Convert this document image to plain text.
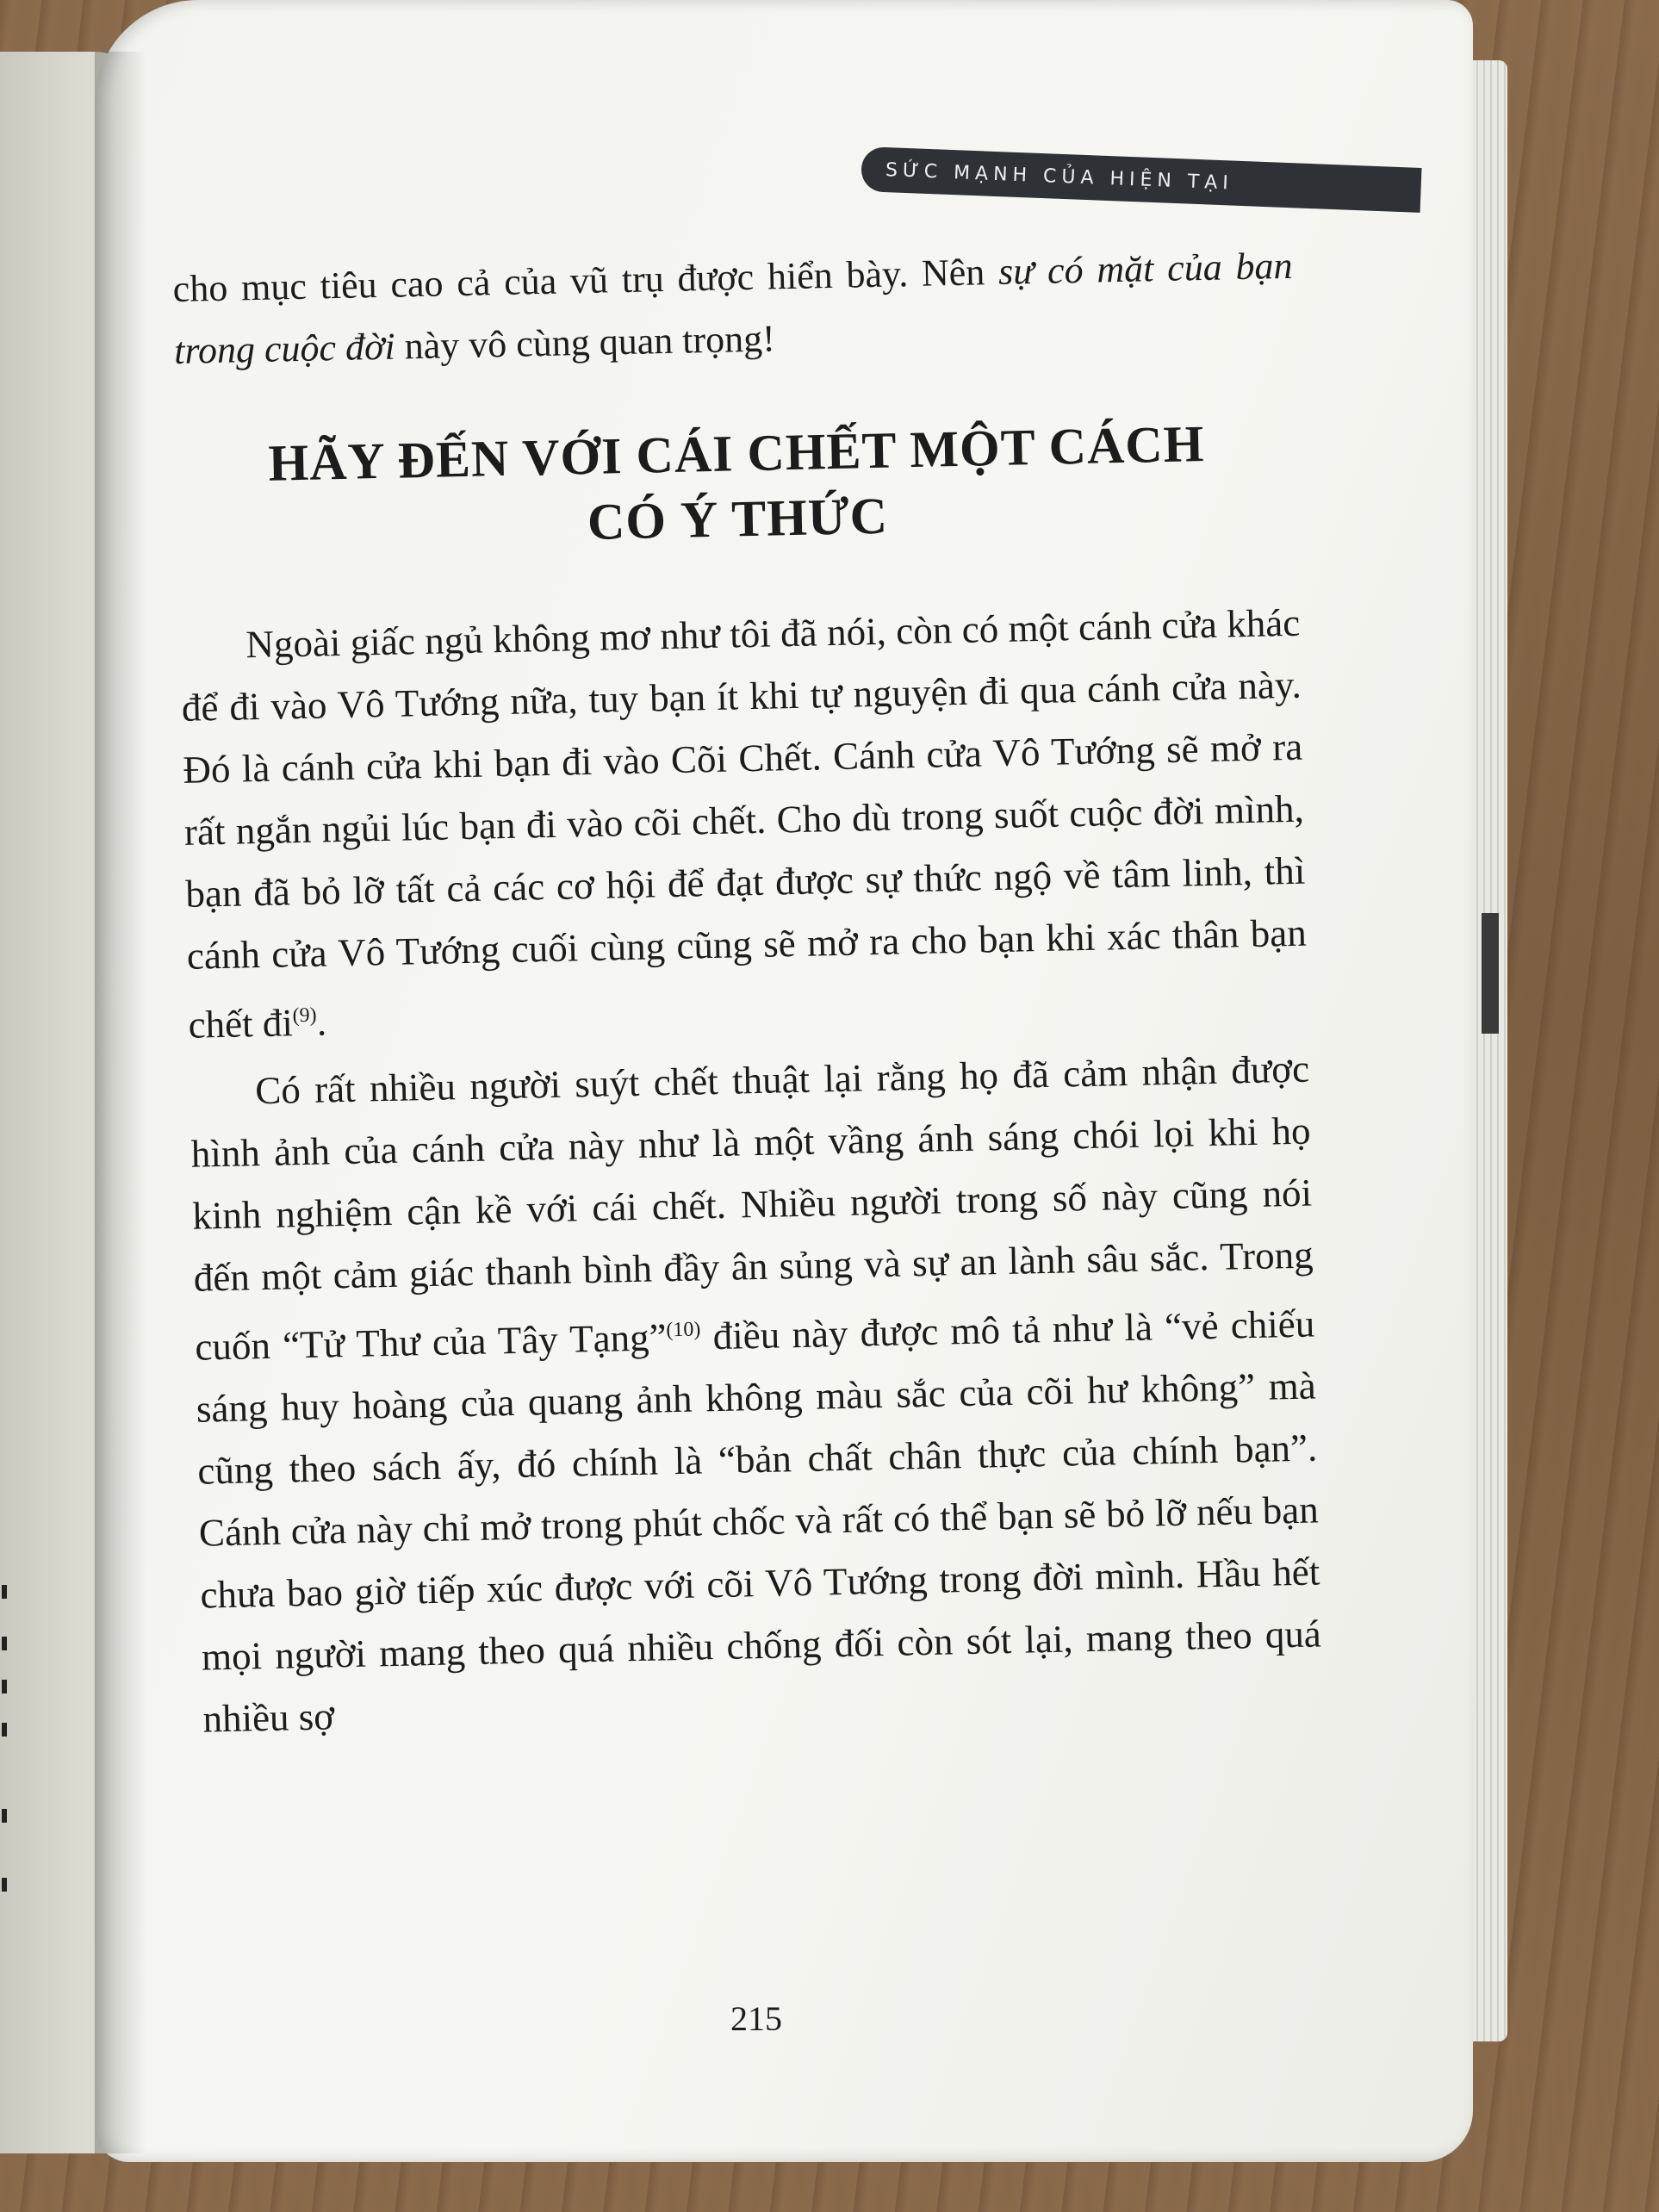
SỨC MẠNH CỦA HIỆN TẠI

cho mục tiêu cao cả của vũ trụ được hiển bày. Nên sự có mặt của bạn trong cuộc đời này vô cùng quan trọng!

HÃY ĐẾN VỚI CÁI CHẾT MỘT CÁCH
CÓ Ý THỨC

Ngoài giấc ngủ không mơ như tôi đã nói, còn có một cánh cửa khác để đi vào Vô Tướng nữa, tuy bạn ít khi tự nguyện đi qua cánh cửa này. Đó là cánh cửa khi bạn đi vào Cõi Chết. Cánh cửa Vô Tướng sẽ mở ra rất ngắn ngủi lúc bạn đi vào cõi chết. Cho dù trong suốt cuộc đời mình, bạn đã bỏ lỡ tất cả các cơ hội để đạt được sự thức ngộ về tâm linh, thì cánh cửa Vô Tướng cuối cùng cũng sẽ mở ra cho bạn khi xác thân bạn chết $đi^{(9)}$.

Có rất nhiều người suýt chết thuật lại rằng họ đã cảm nhận được hình ảnh của cánh cửa này như là một vầng ánh sáng chói lọi khi họ kinh nghiệm cận kề với cái chết. Nhiều người trong số này cũng nói đến một cảm giác thanh bình đầy ân sủng và sự an lành sâu sắc. Trong cuốn “Tử Thư của Tây Tạng”$^{(10)}$ điều này được mô tả như là “vẻ chiếu sáng huy hoàng của quang ảnh không màu sắc của cõi hư không” mà cũng theo sách ấy, đó chính là “bản chất chân thực của chính bạn”. Cánh cửa này chỉ mở trong phút chốc và rất có thể bạn sẽ bỏ lỡ nếu bạn chưa bao giờ tiếp xúc được với cõi Vô Tướng trong đời mình. Hầu hết mọi người mang theo quá nhiều chống đối còn sót lại, mang theo quá nhiều sợ

215
